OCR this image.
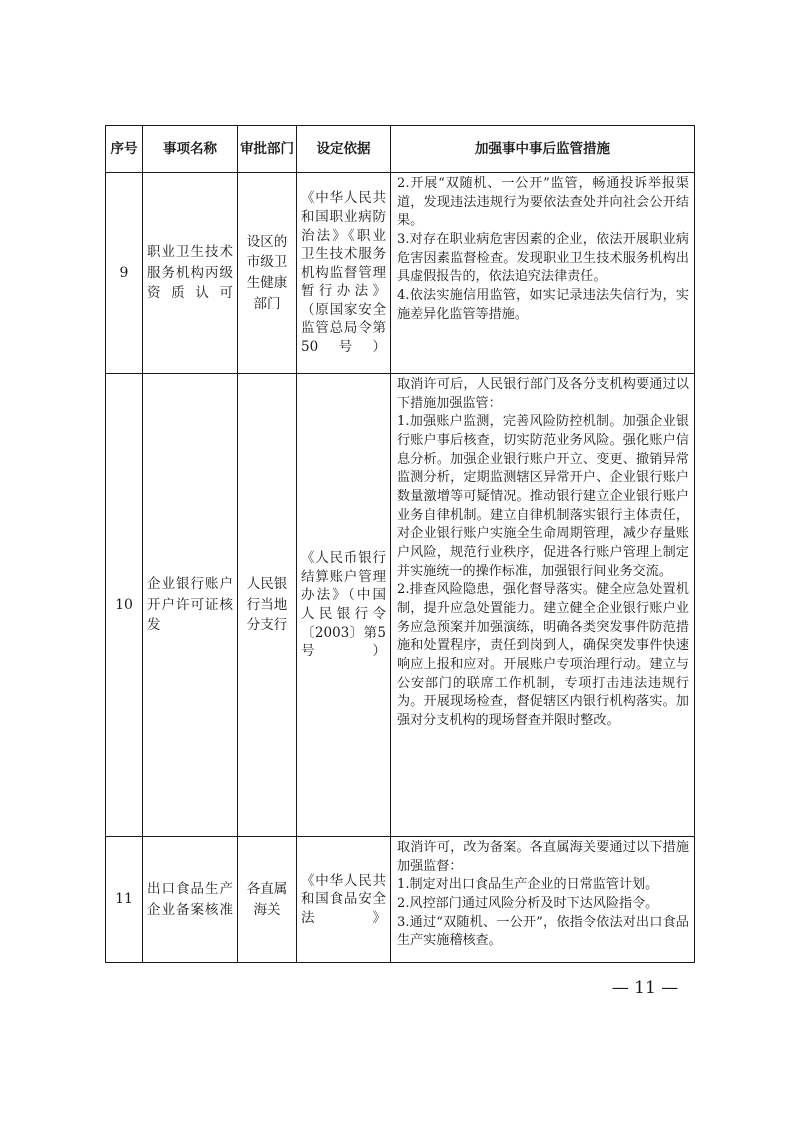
序号	事项名称	审批部门	设定依据	加强事中事后监管措施
9	职业卫生技术服务机构丙级资质认可	设区的市级卫生健康部门	《中华人民共和国职业病防治法》《职业卫生技术服务机构监督管理暂行办法》（原国家安全监管总局令第50号）	2.开展“双随机、一公开”监管，畅通投诉举报渠道，发现违法违规行为要依法查处并向社会公开结果。
3.对存在职业病危害因素的企业，依法开展职业病危害因素监督检查。发现职业卫生技术服务机构出具虚假报告的，依法追究法律责任。
4.依法实施信用监管，如实记录违法失信行为，实施差异化监管等措施。

10	企业银行账户开户许可证核发	人民银行当地分支行	《人民币银行结算账户管理办法》（中国人民银行令〔2003〕第5号）	取消许可后，人民银行部门及各分支机构要通过以下措施加强监管：
1.加强账户监测，完善风险防控机制。加强企业银行账户事后核查，切实防范业务风险。强化账户信息分析。加强企业银行账户开立、变更、撤销异常监测分析，定期监测辖区异常开户、企业银行账户数量激增等可疑情况。推动银行建立企业银行账户业务自律机制。建立自律机制落实银行主体责任，对企业银行账户实施全生命周期管理，减少存量账户风险，规范行业秩序，促进各行账户管理上制定并实施统一的操作标准，加强银行间业务交流。
2.排查风险隐患，强化督导落实。健全应急处置机制，提升应急处置能力。建立健全企业银行账户业务应急预案并加强演练，明确各类突发事件防范措施和处置程序，责任到岗到人，确保突发事件快速响应上报和应对。开展账户专项治理行动。建立与公安部门的联席工作机制，专项打击违法违规行为。开展现场检查，督促辖区内银行机构落实。加强对分支机构的现场督查并限时整改。

11	出口食品生产企业备案核准	各直属海关	《中华人民共和国食品安全法》	取消许可，改为备案。各直属海关要通过以下措施加强监督：
1.制定对出口食品生产企业的日常监管计划。
2.风控部门通过风险分析及时下达风险指令。
3.通过“双随机、一公开”，依指令依法对出口食品生产实施稽核查。
— 11 —
